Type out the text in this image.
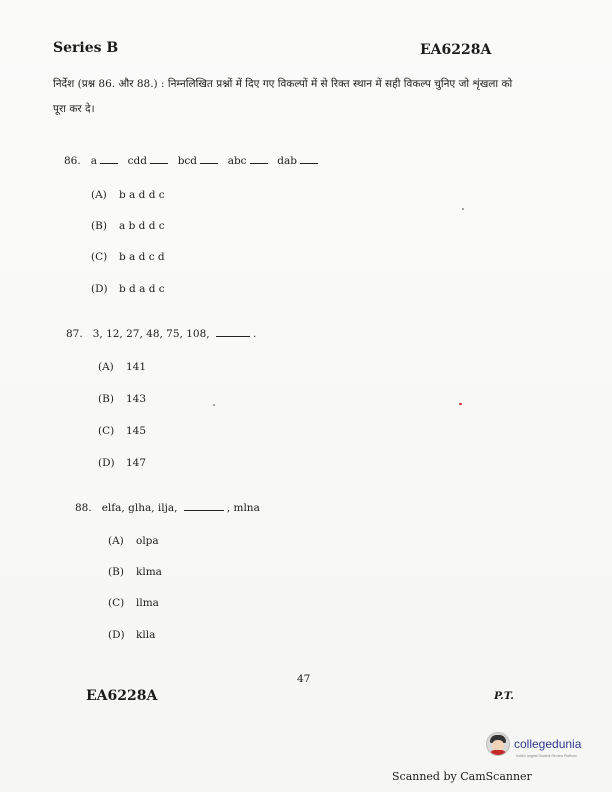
Series B	EA6228A
निर्देश (प्रश्न 86. और 88.) : निम्नलिखित प्रश्नों में दिए गए विकल्पों में से रिक्त स्थान में सही विकल्प चुनिए जो शृंखला को पूरा कर दे।
86. a	cdd	bcd	abc	dab
(A) b a d d c
(B) a b d d c
(C) b a d c d
(D) b d a d c
87. 3, 12, 27, 48, 75, 108,	.
(A) 141
(B) 143
(C) 145
(D) 147
88. elfa, glha, ilja,	, mlna
(A) olpa
(B) klma
(C) llma
(D) klla
47
EA6228A	P.T.
collegedunia
India's largest Student Review Platform
Scanned by CamScanner
